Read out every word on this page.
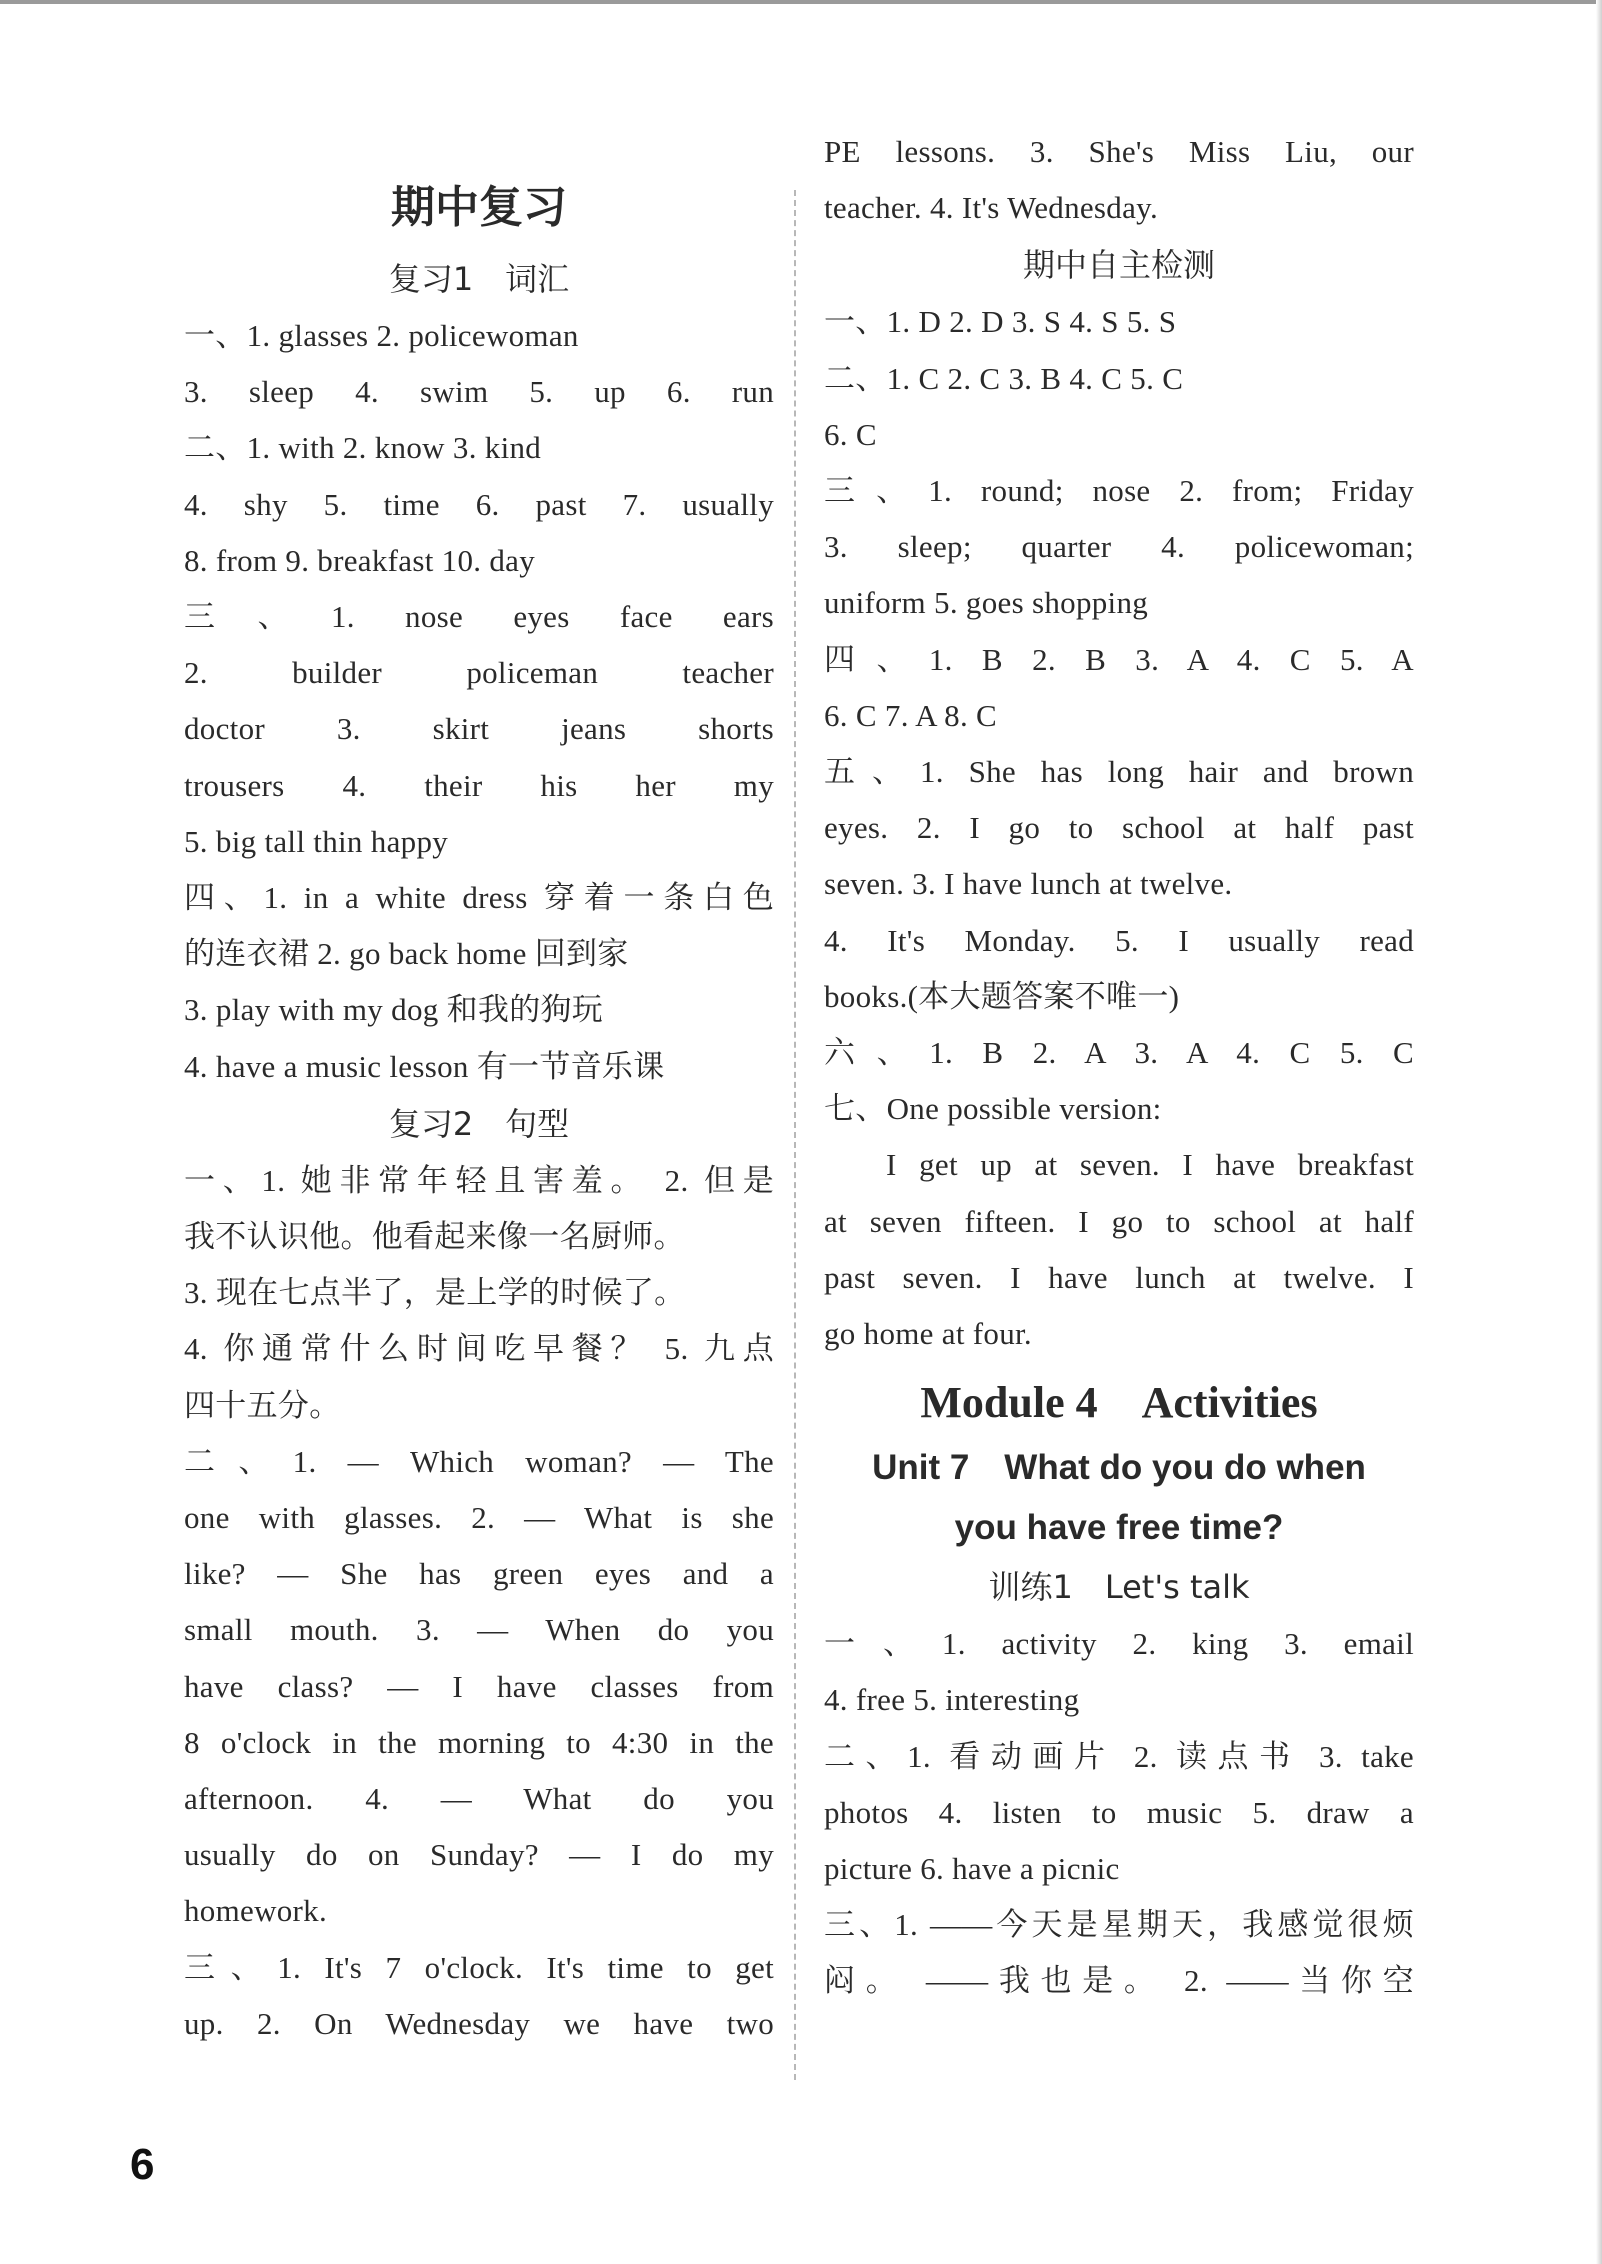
期中复习
复习1　词汇
一、1. glasses 2. policewoman
3. sleep 4. swim 5. up 6. run
二、1. with 2. know 3. kind
4. shy 5. time 6. past 7. usually
8. from 9. breakfast 10. day
三、1. nose eyes face ears
2. builder policeman teacher
doctor 3. skirt jeans shorts
trousers 4. their his her my
5. big tall thin happy
四、1. in a white dress 穿着一条白色
的连衣裙 2. go back home 回到家
3. play with my dog 和我的狗玩
4. have a music lesson 有一节音乐课
复习2　句型
一、1. 她非常年轻且害羞。 2. 但是
我不认识他。他看起来像一名厨师。
3. 现在七点半了，是上学的时候了。
4. 你通常什么时间吃早餐？ 5. 九点
四十五分。
二、1. — Which woman? — The
one with glasses. 2. — What is she
like? — She has green eyes and a
small mouth. 3. — When do you
have class? — I have classes from
8 o'clock in the morning to 4:30 in the
afternoon. 4. — What do you
usually do on Sunday? — I do my
homework.
三、1. It's 7 o'clock. It's time to get
up. 2. On Wednesday we have two
PE lessons. 3. She's Miss Liu, our
teacher. 4. It's Wednesday.
期中自主检测
一、1. D 2. D 3. S 4. S 5. S
二、1. C 2. C 3. B 4. C 5. C
6. C
三、1. round; nose 2. from; Friday
3. sleep; quarter 4. policewoman;
uniform 5. goes shopping
四、1. B 2. B 3. A 4. C 5. A
6. C 7. A 8. C
五、1. She has long hair and brown
eyes. 2. I go to school at half past
seven. 3. I have lunch at twelve.
4. It's Monday. 5. I usually read
books.(本大题答案不唯一)
六、1. B 2. A 3. A 4. C 5. C
七、One possible version:
I get up at seven. I have breakfast
at seven fifteen. I go to school at half
past seven. I have lunch at twelve. I
go home at four.
Module 4　Activities
Unit 7　What do you do when
you have free time?
训练1　Let's talk
一、1. activity 2. king 3. email
4. free 5. interesting
二、1. 看动画片 2. 读点书 3. take
photos 4. listen to music 5. draw a
picture 6. have a picnic
三、1. ——今天是星期天，我感觉很烦
闷。 ——我也是。 2. ——当你空
6
